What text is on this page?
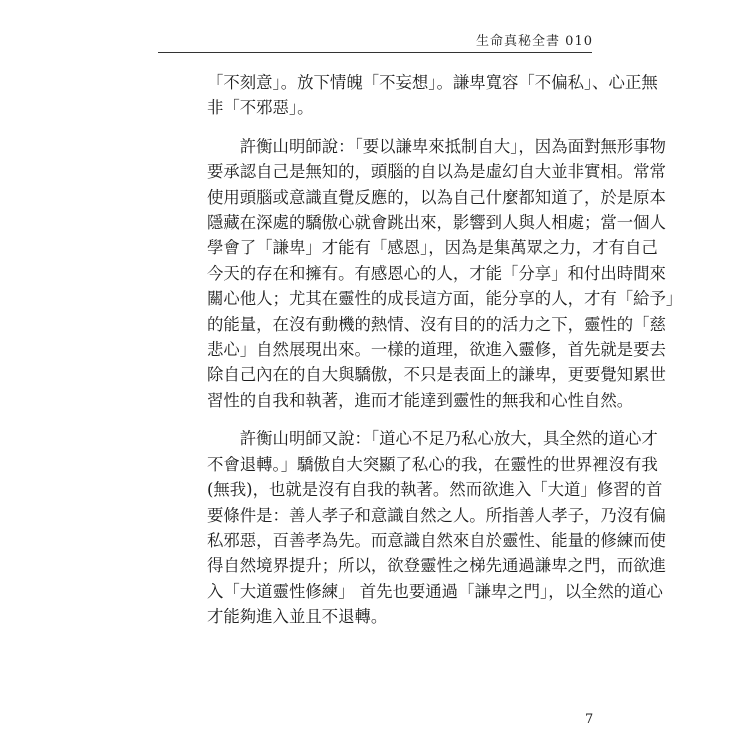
生命真秘全書 010

「不刻意」。放下情魄「不妄想」。謙卑寬容「不偏私」、心正無
非「不邪惡」。

　　許衡山明師說：「要以謙卑來抵制自大」，因為面對無形事物
要承認自己是無知的，頭腦的自以為是虛幻自大並非實相。常常
使用頭腦或意識直覺反應的，以為自己什麼都知道了，於是原本
隱藏在深處的驕傲心就會跳出來，影響到人與人相處；當一個人
學會了「謙卑」才能有「感恩」，因為是集萬眾之力，才有自己
今天的存在和擁有。有感恩心的人，才能「分享」和付出時間來
關心他人；尤其在靈性的成長這方面，能分享的人，才有「給予」
的能量，在沒有動機的熱情、沒有目的的活力之下，靈性的「慈
悲心」自然展現出來。一樣的道理，欲進入靈修，首先就是要去
除自己內在的自大與驕傲，不只是表面上的謙卑，更要覺知累世
習性的自我和執著，進而才能達到靈性的無我和心性自然。

　　許衡山明師又說：「道心不足乃私心放大，具全然的道心才
不會退轉。」驕傲自大突顯了私心的我，在靈性的世界裡沒有我
(無我)，也就是沒有自我的執著。然而欲進入「大道」修習的首
要條件是：善人孝子和意識自然之人。所指善人孝子，乃沒有偏
私邪惡，百善孝為先。而意識自然來自於靈性、能量的修練而使
得自然境界提升；所以，欲登靈性之梯先通過謙卑之門，而欲進
入「大道靈性修練」 首先也要通過「謙卑之門」，以全然的道心
才能夠進入並且不退轉。

7
